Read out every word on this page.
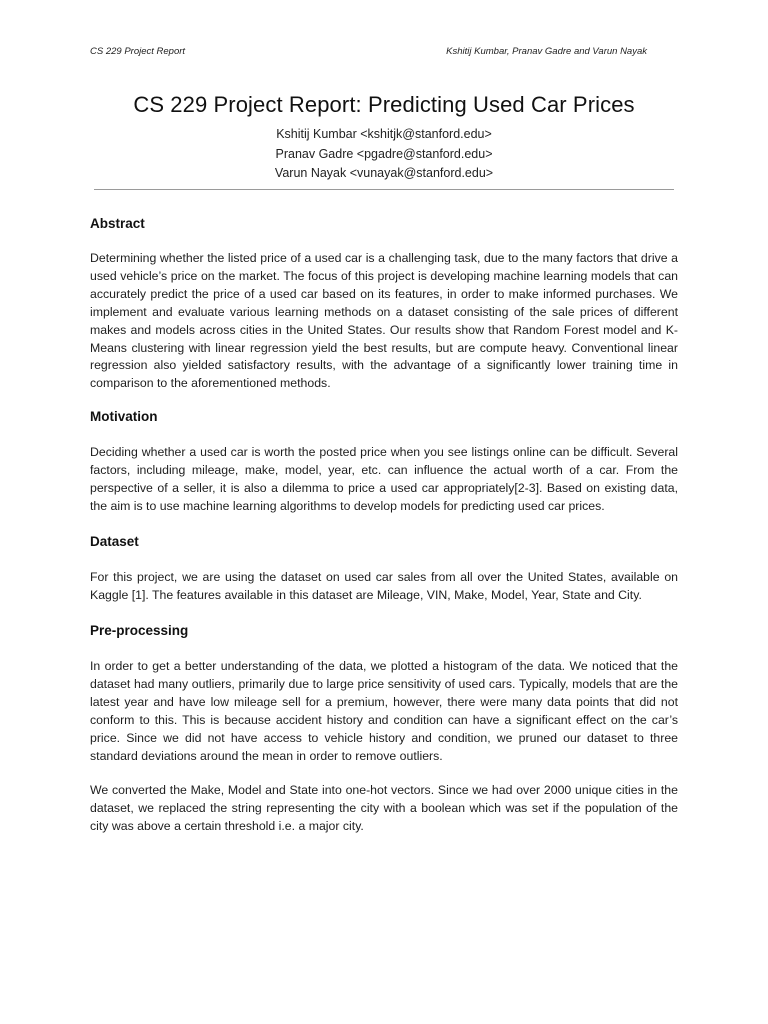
CS 229 Project Report	Kshitij Kumbar, Pranav Gadre and Varun Nayak
CS 229 Project Report: Predicting Used Car Prices
Kshitij Kumbar <kshitjk@stanford.edu>
Pranav Gadre <pgadre@stanford.edu>
Varun Nayak <vunayak@stanford.edu>
Abstract

Determining whether the listed price of a used car is a challenging task, due to the many factors that drive a used vehicle’s price on the market. The focus of this project is developing machine learning models that can accurately predict the price of a used car based on its features, in order to make informed purchases. We implement and evaluate various learning methods on a dataset consisting of the sale prices of different makes and models across cities in the United States. Our results show that Random Forest model and K-Means clustering with linear regression yield the best results, but are compute heavy. Conventional linear regression also yielded satisfactory results, with the advantage of a significantly lower training time in comparison to the aforementioned methods.

Motivation

Deciding whether a used car is worth the posted price when you see listings online can be difficult. Several factors, including mileage, make, model, year, etc. can influence the actual worth of a car. From the perspective of a seller, it is also a dilemma to price a used car appropriately[2-3]. Based on existing data, the aim is to use machine learning algorithms to develop models for predicting used car prices.

Dataset

For this project, we are using the dataset on used car sales from all over the United States, available on Kaggle [1]. The features available in this dataset are Mileage, VIN, Make, Model, Year, State and City.

Pre-processing

In order to get a better understanding of the data, we plotted a histogram of the data. We noticed that the dataset had many outliers, primarily due to large price sensitivity of used cars. Typically, models that are the latest year and have low mileage sell for a premium, however, there were many data points that did not conform to this. This is because accident history and condition can have a significant effect on the car’s price. Since we did not have access to vehicle history and condition, we pruned our dataset to three standard deviations around the mean in order to remove outliers.

We converted the Make, Model and State into one-hot vectors. Since we had over 2000 unique cities in the dataset, we replaced the string representing the city with a boolean which was set if the population of the city was above a certain threshold i.e. a major city.
